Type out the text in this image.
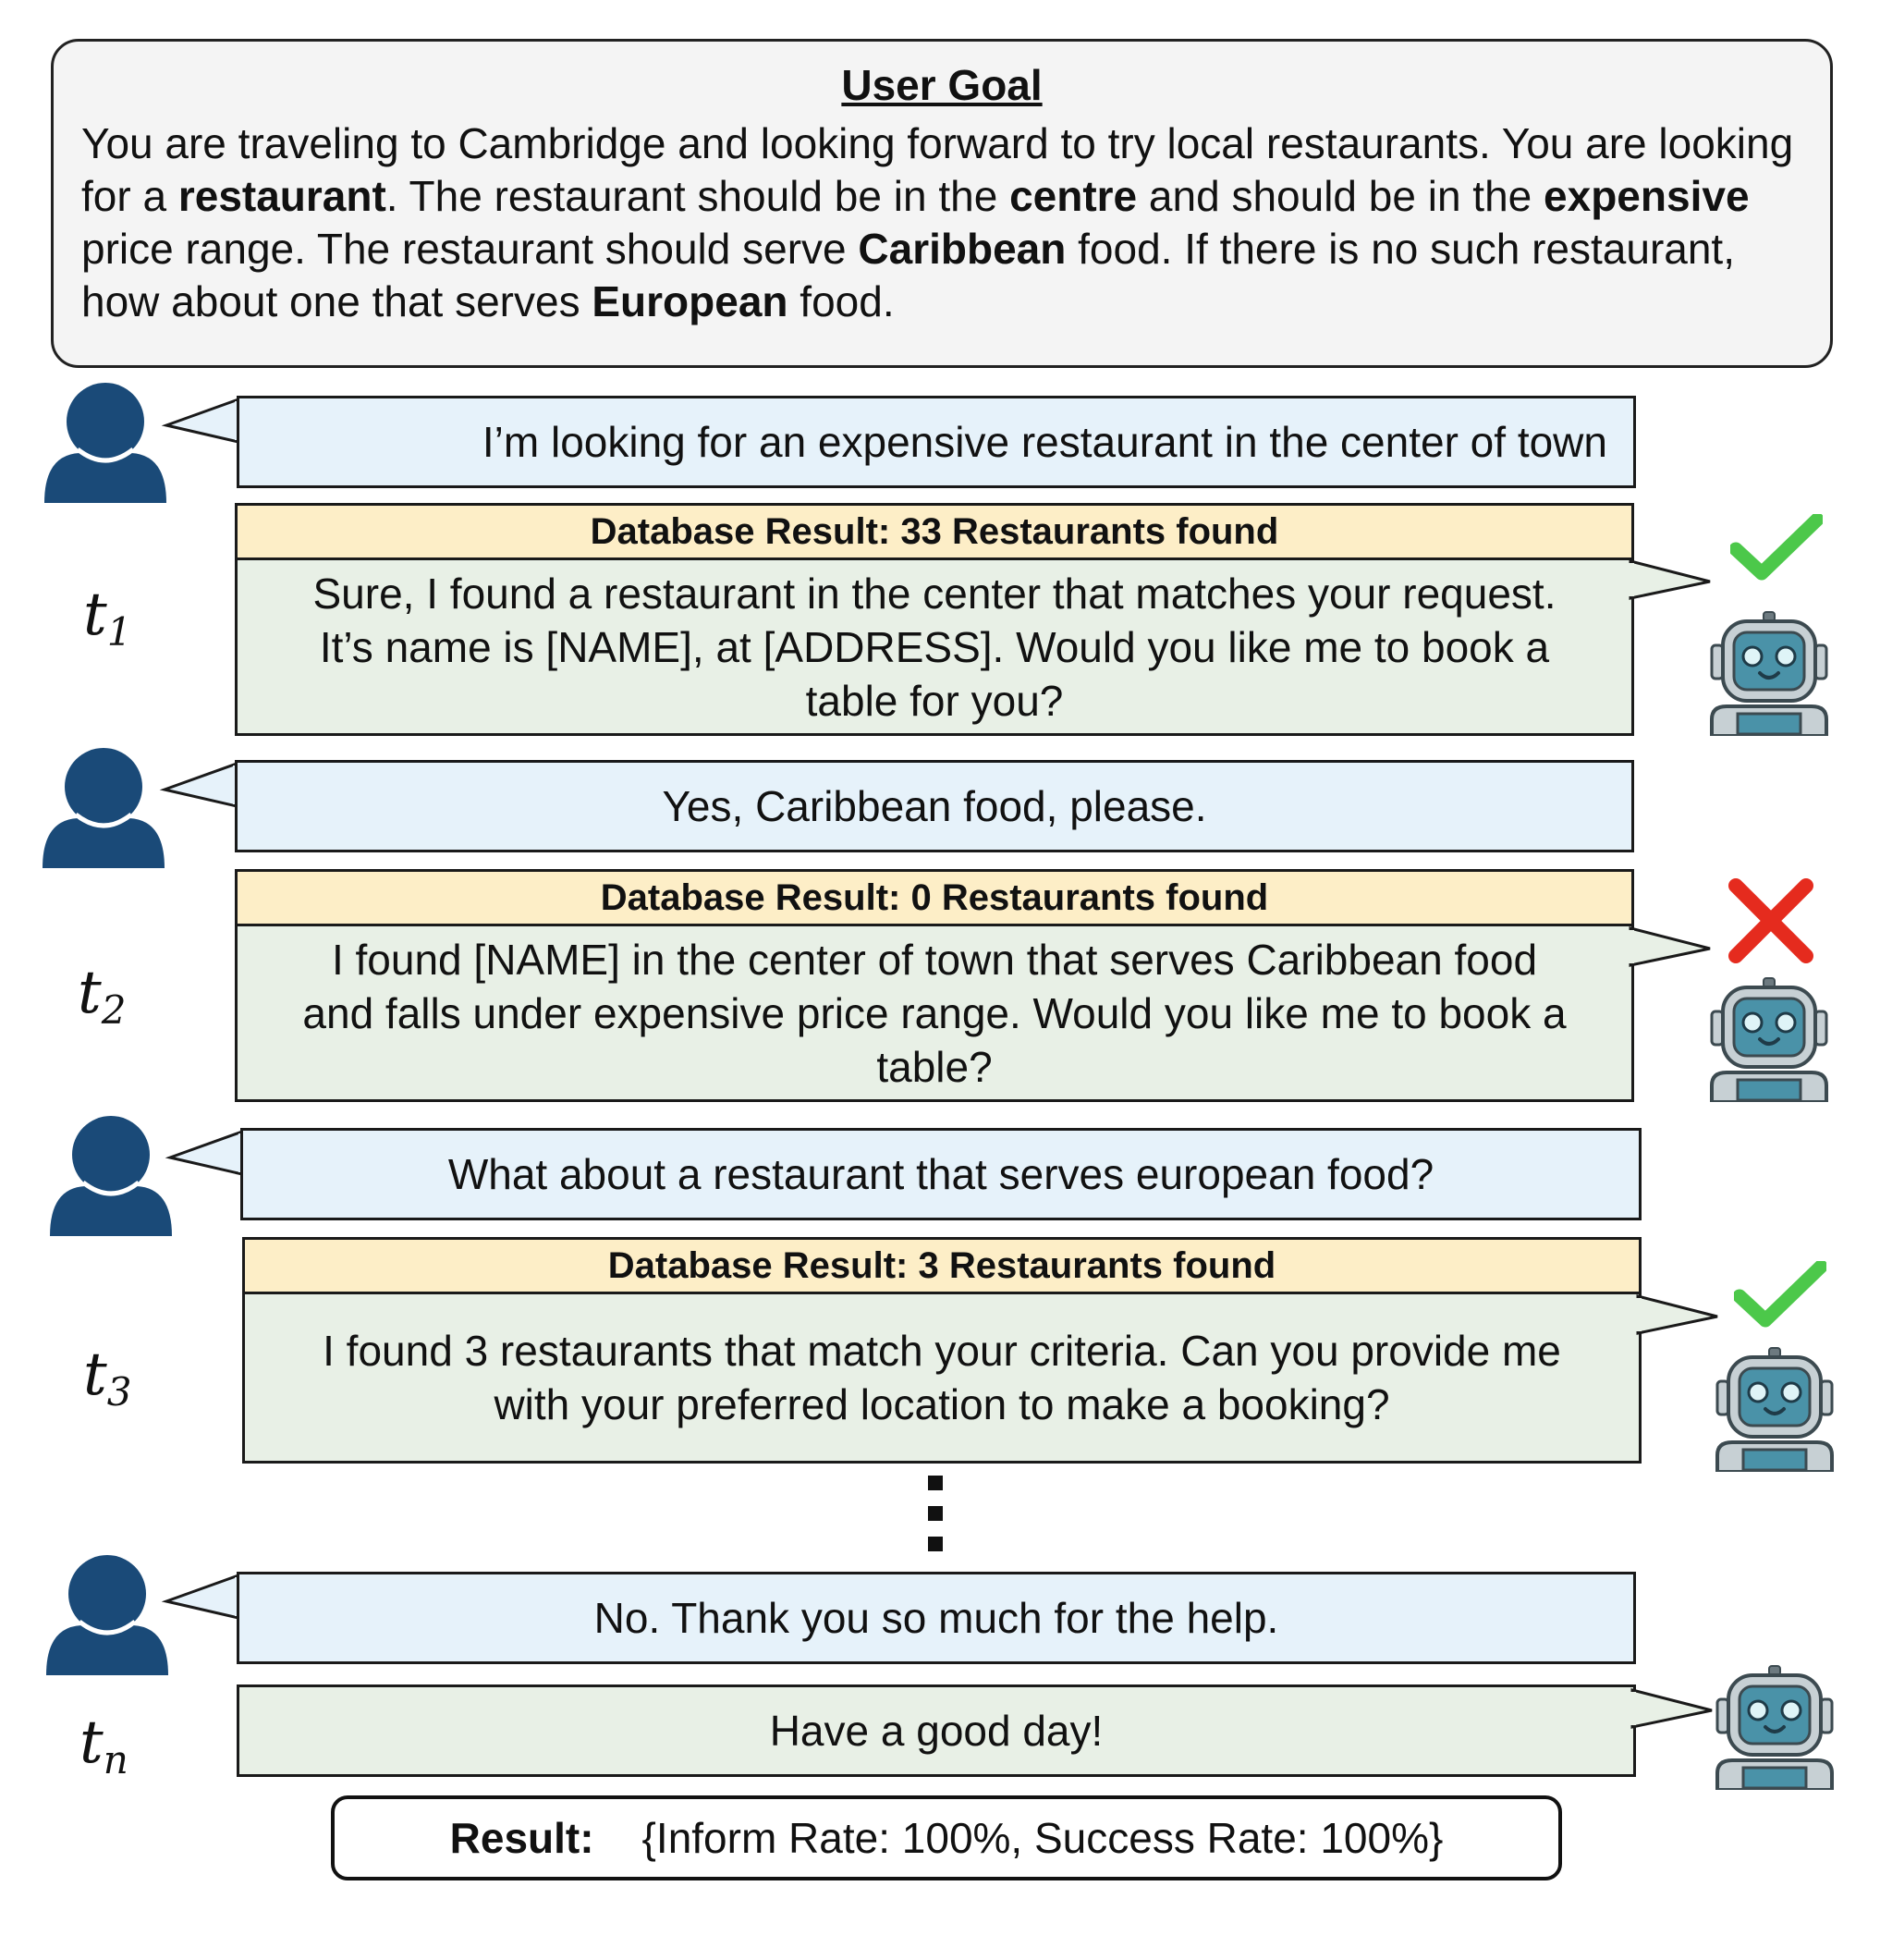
User Goal
You are traveling to Cambridge and looking forward to try local restaurants. You are looking for a restaurant. The restaurant should be in the centre and should be in the expensive price range. The restaurant should serve Caribbean food. If there is no such restaurant, how about one that serves European food.
I’m looking for an expensive restaurant in the center of town
Database Result: 33 Restaurants found
Sure, I found a restaurant in the center that matches your request. It’s name is [NAME], at [ADDRESS]. Would you like me to book a table for you?
$t_1$
Yes, Caribbean food, please.
Database Result: 0 Restaurants found
I found [NAME] in the center of town that serves Caribbean food and falls under expensive price range. Would you like me to book a table?
$t_2$
What about a restaurant that serves european food?
Database Result: 3 Restaurants found
I found 3 restaurants that match your criteria. Can you provide me with your preferred location to make a booking?
$t_3$
No. Thank you so much for the help.
Have a good day!
$t_n$
Result: {Inform Rate: 100%, Success Rate: 100%}
